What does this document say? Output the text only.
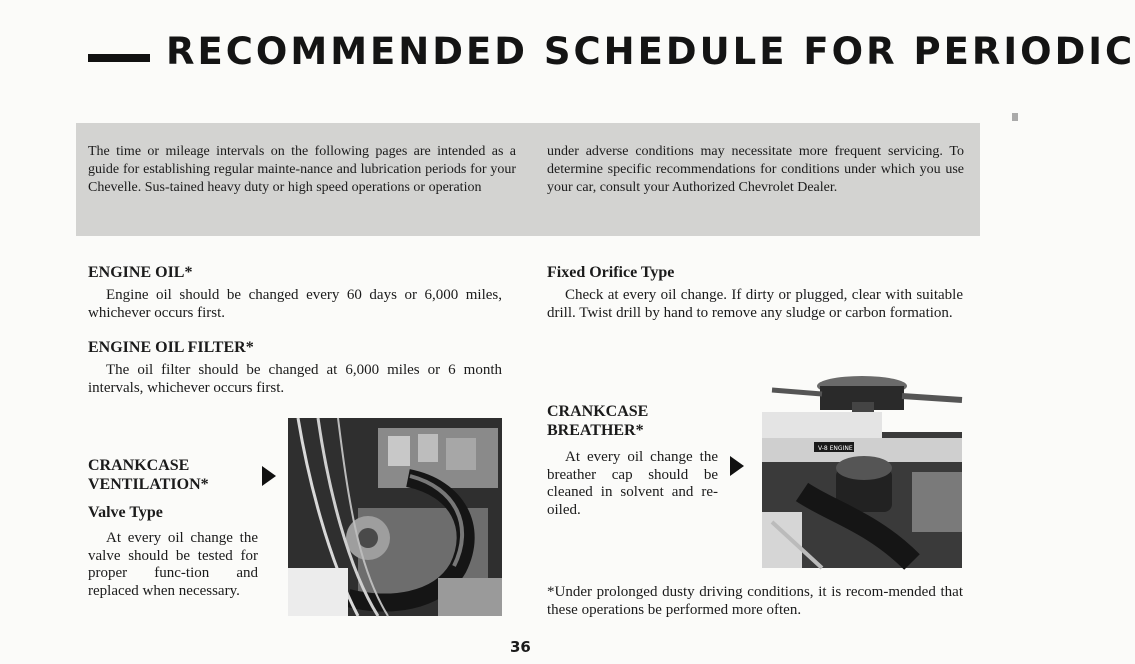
RECOMMENDED SCHEDULE FOR PERIODIC

The time or mileage intervals on the following pages are intended as a guide for establishing regular mainte-nance and lubrication periods for your Chevelle. Sus-tained heavy duty or high speed operations or operation

under adverse conditions may necessitate more frequent servicing. To determine specific recommendations for conditions under which you use your car, consult your Authorized Chevrolet Dealer.

ENGINE OIL*

Engine oil should be changed every 60 days or 6,000 miles, whichever occurs first.

ENGINE OIL FILTER*

The oil filter should be changed at 6,000 miles or 6 month intervals, whichever occurs first.

CRANKCASE
VENTILATION*
Valve Type

At every oil change the valve should be tested for proper func-tion and replaced when necessary.

Fixed Orifice Type

Check at every oil change. If dirty or plugged, clear with suitable drill. Twist drill by hand to remove any sludge or carbon formation.

CRANKCASE
BREATHER*

At every oil change the breather cap should be cleaned in solvent and re-oiled.

V-8 ENGINE

*Under prolonged dusty driving conditions, it is recom-mended that these operations be performed more often.

36
